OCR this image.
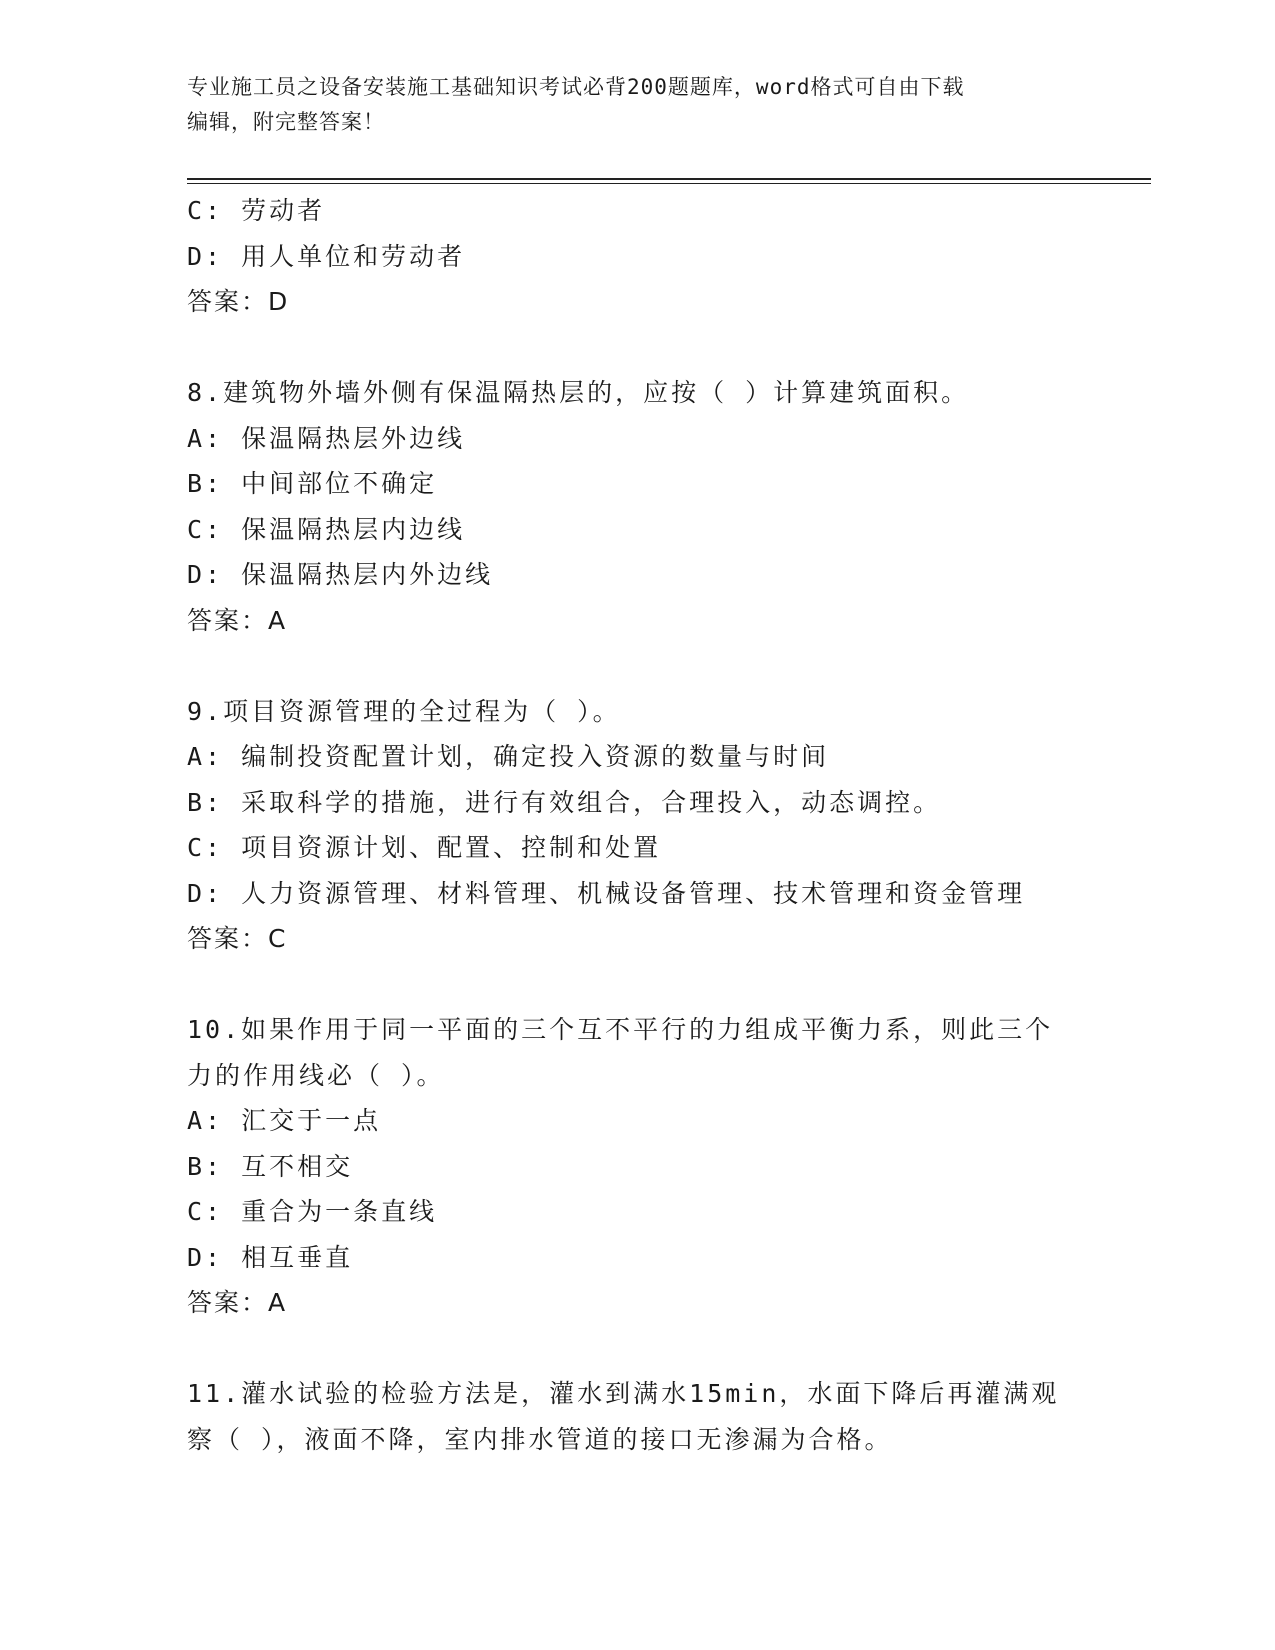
专业施工员之设备安装施工基础知识考试必背200题题库，word格式可自由下载
编辑，附完整答案！
C: 劳动者
D: 用人单位和劳动者
答案：D
8.建筑物外墙外侧有保温隔热层的，应按（ ）计算建筑面积。
A: 保温隔热层外边线
B: 中间部位不确定
C: 保温隔热层内边线
D: 保温隔热层内外边线
答案：A
9.项目资源管理的全过程为（ ）。
A: 编制投资配置计划，确定投入资源的数量与时间
B: 采取科学的措施，进行有效组合，合理投入，动态调控。
C: 项目资源计划、配置、控制和处置
D: 人力资源管理、材料管理、机械设备管理、技术管理和资金管理
答案：C
10.如果作用于同一平面的三个互不平行的力组成平衡力系，则此三个
力的作用线必（ ）。
A: 汇交于一点
B: 互不相交
C: 重合为一条直线
D: 相互垂直
答案：A
11.灌水试验的检验方法是，灌水到满水15min，水面下降后再灌满观
察（ ），液面不降，室内排水管道的接口无渗漏为合格。
